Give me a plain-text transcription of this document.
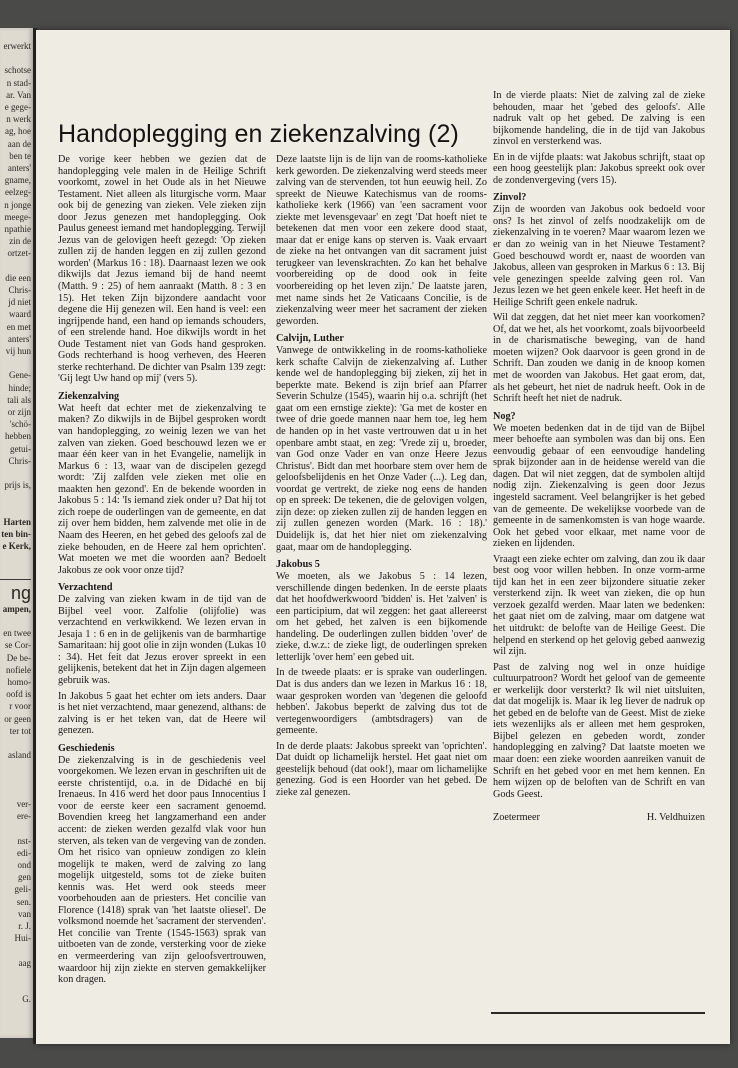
erwerkt
schotse
n stad-
ar. Van
e gege-
n werk
ag, hoe
aan de
ben te
anters'
gname,
eelzeg-
n jonge
meege-
npathie
zin de
ortzet-
die een
Chris-
jd niet
waard
en met
anters'
vij hun
Gene-
hinde;
tali als
or zijn
'schö-
hebben
getui-
Chris-
prijs is,
Harten
ten bin-
e Kerk,
ng
ampen,
en twee
se Cor-
De be-
nofiele
homo-
oofd is
r voor
or geen
ter tot
asland
ver-
ere-
nst-
edi-
ond
gen
geli-
sen.
van
r. J.
Hui-
aag
G.
Handoplegging en ziekenzalving (2)

De vorige keer hebben we gezien dat de handoplegging vele malen in de Heilige Schrift voorkomt, zowel in het Oude als in het Nieuwe Testament. Niet alleen als liturgische vorm. Maar ook bij de genezing van zieken. Vele zieken zijn door Jezus genezen met handoplegging. Ook Paulus geneest iemand met handoplegging. Terwijl Jezus van de gelovigen heeft gezegd: 'Op zieken zullen zij de handen leggen en zij zullen gezond worden' (Markus 16 : 18). Daarnaast lezen we ook dikwijls dat Jezus iemand bij de hand neemt (Matth. 9 : 25) of hem aanraakt (Matth. 8 : 3 en 15). Het teken Zijn bijzondere aandacht voor degene die Hij genezen wil. Een hand is veel: een ingrijpende hand, een hand op iemands schouders, of een strelende hand. Hoe dikwijls wordt in het Oude Testament niet van Gods hand gesproken. Gods rechterhand is hoog verheven, des Heeren sterke rechterhand. De dichter van Psalm 139 zegt: 'Gij legt Uw hand op mij' (vers 5).

Ziekenzalving

Wat heeft dat echter met de ziekenzalving te maken? Zo dikwijls in de Bijbel gesproken wordt van handoplegging, zo weinig lezen we van het zalven van zieken. Goed beschouwd lezen we er maar één keer van in het Evangelie, namelijk in Markus 6 : 13, waar van de discipelen gezegd wordt: 'Zij zalfden vele zieken met olie en maakten hen gezond'. En de bekende woorden in Jakobus 5 : 14: 'Is iemand ziek onder u? Dat hij tot zich roepe de ouderlingen van de gemeente, en dat zij over hem bidden, hem zalvende met olie in de Naam des Heeren, en het gebed des geloofs zal de zieke behouden, en de Heere zal hem oprichten'. Wat moeten we met die woorden aan? Bedoelt Jakobus ze ook voor onze tijd?

Verzachtend

De zalving van zieken kwam in de tijd van de Bijbel veel voor. Zalfolie (olijfolie) was verzachtend en verkwikkend. We lezen ervan in Jesaja 1 : 6 en in de gelijkenis van de barmhartige Samaritaan: hij goot olie in zijn wonden (Lukas 10 : 34). Het feit dat Jezus erover spreekt in een gelijkenis, betekent dat het in Zijn dagen algemeen gebruik was.

In Jakobus 5 gaat het echter om iets anders. Daar is het niet verzachtend, maar genezend, althans: de zalving is er het teken van, dat de Heere wil genezen.

Geschiedenis

De ziekenzalving is in de geschiedenis veel voorgekomen. We lezen ervan in geschriften uit de eerste christentijd, o.a. in de Didaché en bij Irenaeus. In 416 werd het door paus Innocentius I voor de eerste keer een sacrament genoemd. Bovendien kreeg het langzamerhand een ander accent: de zieken werden gezalfd vlak voor hun sterven, als teken van de vergeving van de zonden. Om het risico van opnieuw zondigen zo klein mogelijk te maken, werd de zalving zo lang mogelijk uitgesteld, soms tot de zieke buiten kennis was. Het werd ook steeds meer voorbehouden aan de priesters. Het concilie van Florence (1418) sprak van 'het laatste oliesel'. De volksmond noemde het 'sacrament der stervenden'. Het concilie van Trente (1545-1563) sprak van uitboeten van de zonde, versterking voor de zieke en vermeerdering van zijn geloofsvertrouwen, waardoor hij zijn ziekte en sterven gemakkelijker kon dragen.

Deze laatste lijn is de lijn van de rooms-katholieke kerk geworden. De ziekenzalving werd steeds meer zalving van de stervenden, tot hun eeuwig heil. Zo spreekt de Nieuwe Katechismus van de rooms-katholieke kerk (1966) van 'een sacrament voor ziekte met levensgevaar' en zegt 'Dat hoeft niet te betekenen dat men voor een zekere dood staat, maar dat er enige kans op sterven is. Vaak ervaart de zieke na het ontvangen van dit sacrament juist terugkeer van levenskrachten. Zo kan het behalve voorbereiding op de dood ook in feite voorbereiding op het leven zijn.' De laatste jaren, met name sinds het 2e Vaticaans Concilie, is de ziekenzalving weer meer het sacrament der zieken geworden.

Calvijn, Luther

Vanwege de ontwikkeling in de rooms-katholieke kerk schafte Calvijn de ziekenzalving af. Luther kende wel de handoplegging bij zieken, zij het in beperkte mate. Bekend is zijn brief aan Pfarrer Severin Schulze (1545), waarin hij o.a. schrijft (het gaat om een ernstige ziekte): 'Ga met de koster en twee of drie goede mannen naar hem toe, leg hem de handen op in het vaste vertrouwen dat u in het openbare ambt staat, en zeg: 'Vrede zij u, broeder, van God onze Vader en van onze Heere Jezus Christus'. Bidt dan met hoorbare stem over hem de geloofsbelijdenis en het Onze Vader (...). Leg dan, voordat ge vertrekt, de zieke nog eens de handen op en spreek: De tekenen, die de gelovigen volgen, zijn deze: op zieken zullen zij de handen leggen en zij zullen genezen worden (Mark. 16 : 18).' Duidelijk is, dat het hier niet om ziekenzalving gaat, maar om de handoplegging.

Jakobus 5

We moeten, als we Jakobus 5 : 14 lezen, verschillende dingen bedenken. In de eerste plaats dat het hoofdwerkwoord 'bidden' is. Het 'zalven' is een participium, dat wil zeggen: het gaat allereerst om het gebed, het zalven is een bijkomende handeling. De ouderlingen zullen bidden 'over' de zieke, d.w.z.: de zieke ligt, de ouderlingen spreken letterlijk 'over hem' een gebed uit.

In de tweede plaats: er is sprake van ouderlingen. Dat is dus anders dan we lezen in Markus 16 : 18, waar gesproken worden van 'degenen die geloofd hebben'. Jakobus beperkt de zalving dus tot de vertegenwoordigers (ambtsdragers) van de gemeente.

In de derde plaats: Jakobus spreekt van 'oprichten'. Dat duidt op lichamelijk herstel. Het gaat niet om geestelijk behoud (dat ook!), maar om lichamelijke genezing. God is een Hoorder van het gebed. De zieke zal genezen.

In de vierde plaats: Niet de zalving zal de zieke behouden, maar het 'gebed des geloofs'. Alle nadruk valt op het gebed. De zalving is een bijkomende handeling, die in de tijd van Jakobus zinvol en versterkend was.

En in de vijfde plaats: wat Jakobus schrijft, staat op een hoog geestelijk plan: Jakobus spreekt ook over de zondenvergeving (vers 15).

Zinvol?

Zijn de woorden van Jakobus ook bedoeld voor ons? Is het zinvol of zelfs noodzakelijk om de ziekenzalving in te voeren? Maar waarom lezen we er dan zo weinig van in het Nieuwe Testament? Goed beschouwd wordt er, naast de woorden van Jakobus, alleen van gesproken in Markus 6 : 13. Bij vele genezingen speelde zalving geen rol. Van Jezus lezen we het geen enkele keer. Het heeft in de Heilige Schrift geen enkele nadruk.

Wil dat zeggen, dat het niet meer kan voorkomen? Of, dat we het, als het voorkomt, zoals bijvoorbeeld in de charismatische beweging, van de hand moeten wijzen? Ook daarvoor is geen grond in de Schrift. Dan zouden we danig in de knoop komen met de woorden van Jakobus. Het gaat erom, dat, als het gebeurt, het niet de nadruk heeft. Ook in de Schrift heeft het niet de nadruk.

Nog?

We moeten bedenken dat in de tijd van de Bijbel meer behoefte aan symbolen was dan bij ons. Een eenvoudig gebaar of een eenvoudige handeling sprak bijzonder aan in de heidense wereld van die dagen. Dat wil niet zeggen, dat de symbolen altijd nodig zijn. Ziekenzalving is geen door Jezus ingesteld sacrament. Veel belangrijker is het gebed van de gemeente. De wekelijkse voorbede van de gemeente in de samenkomsten is van hoge waarde. Ook het gebed voor elkaar, met name voor de zieken en lijdenden.

Vraagt een zieke echter om zalving, dan zou ik daar best oog voor willen hebben. In onze vorm-arme tijd kan het in een zeer bijzondere situatie zeker versterkend zijn. Ik weet van zieken, die op hun verzoek gezalfd werden. Maar laten we bedenken: het gaat niet om de zalving, maar om datgene wat het uitdrukt: de belofte van de Heilige Geest. Die helpend en sterkend op het gelovig gebed aanwezig wil zijn.

Past de zalving nog wel in onze huidige cultuurpatroon? Wordt het geloof van de gemeente er werkelijk door versterkt? Ik wil niet uitsluiten, dat dat mogelijk is. Maar ik leg liever de nadruk op het gebed en de belofte van de Geest. Mist de zieke iets wezenlijks als er alleen met hem gesproken, Bijbel gelezen en gebeden wordt, zonder handoplegging en zalving? Dat laatste moeten we maar doen: een zieke woorden aanreiken vanuit de Schrift en het gebed voor en met hem kennen. En hem wijzen op de beloften van de Schrift en van Gods Geest.

Zoetermeer	H. Veldhuizen
